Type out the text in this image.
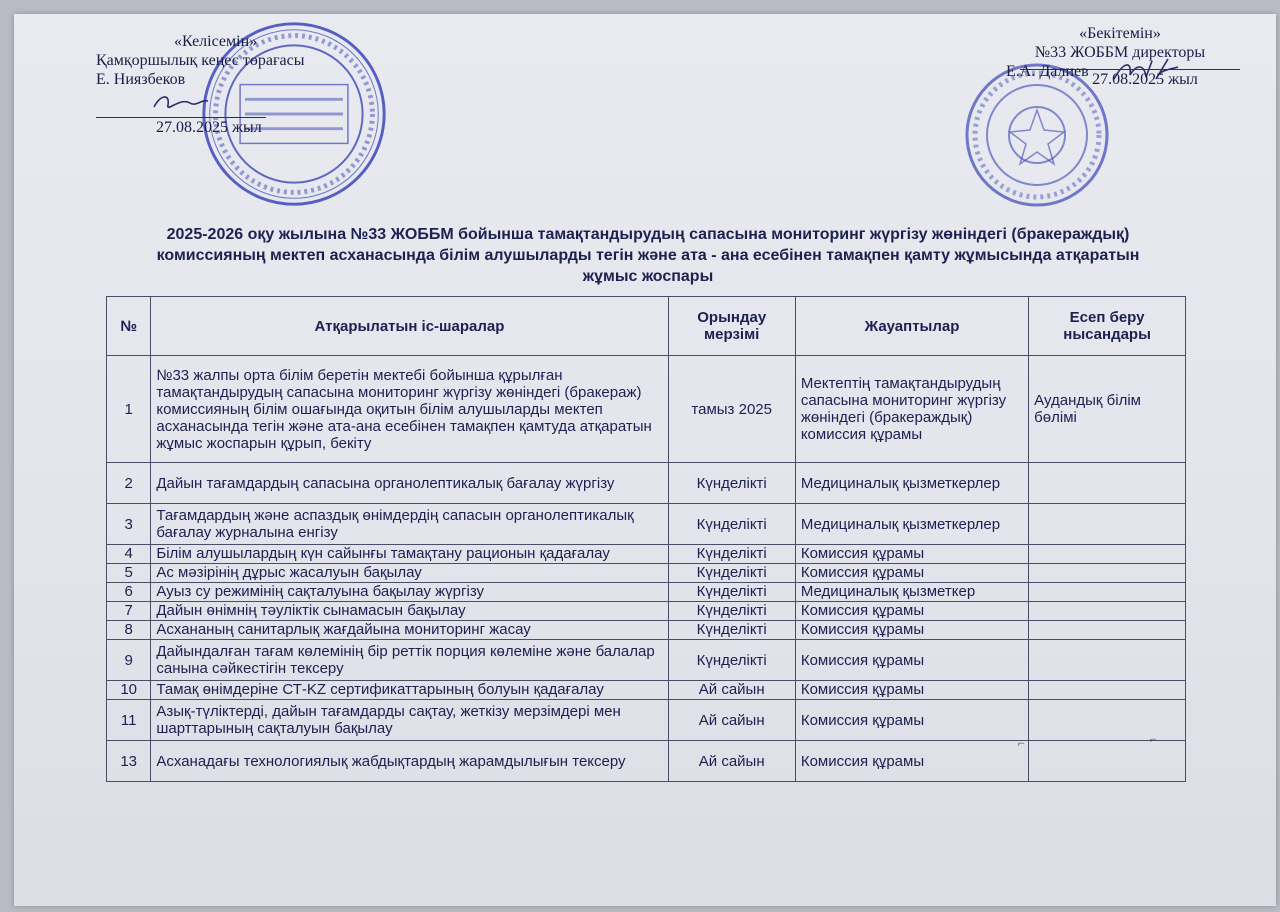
«Келісемін»
Қамқоршылық кеңес төрағасы
Е. Ниязбеков
27.08.2025 жыл
«Бекітемін»
№33 ЖОББМ директоры
Е.А. Далиев 27.08.2025 жыл
2025-2026 оқу жылына №33 ЖОББМ бойынша тамақтандырудың сапасына мониторинг жүргізу жөніндегі (бракераждық)
комиссияның мектеп асханасында білім алушыларды тегін және ата - ана есебінен тамақпен қамту жұмысында атқаратын
жұмыс жоспары
№	Атқарылатын іс-шаралар	Орындау мерзімі	Жауаптылар	Есеп беру нысандары
1	№33 жалпы орта білім беретін мектебі бойынша құрылған тамақтандырудың сапасына мониторинг жүргізу жөніндегі (бракераж) комиссияның білім ошағында оқитын білім алушыларды мектеп асханасында тегін және ата-ана есебінен тамақпен қамтуда атқаратын жұмыс жоспарын құрып, бекіту	тамыз 2025	Мектептің тамақтандырудың сапасына мониторинг жүргізу жөніндегі (бракераждық) комиссия құрамы	Аудандық білім бөлімі
2	Дайын тағамдардың сапасына органолептикалық бағалау жүргізу	Күнделікті	Медициналық қызметкерлер	
3	Тағамдардың және аспаздық өнімдердің сапасын органолептикалық бағалау журналына енгізу	Күнделікті	Медициналық қызметкерлер	
4	Білім алушылардың күн сайынғы тамақтану рационын қадағалау	Күнделікті	Комиссия құрамы	
5	Ас мәзірінің дұрыс жасалуын бақылау	Күнделікті	Комиссия құрамы	
6	Ауыз су режимінің сақталуына бақылау жүргізу	Күнделікті	Медициналық қызметкер	
7	Дайын өнімнің тәуліктік сынамасын бақылау	Күнделікті	Комиссия құрамы	
8	Асхананың санитарлық жағдайына мониторинг жасау	Күнделікті	Комиссия құрамы	
9	Дайындалған тағам көлемінің бір реттік порция көлеміне және балалар санына сәйкестігін тексеру	Күнделікті	Комиссия құрамы	
10	Тамақ өнімдеріне СТ-KZ сертификаттарының болуын қадағалау	Ай сайын	Комиссия құрамы	
11	Азық-түліктерді, дайын тағамдарды сақтау, жеткізу мерзімдері мен шарттарының сақталуын бақылау	Ай сайын	Комиссия құрамы	
13	Асханадағы технологиялық жабдықтардың жарамдылығын тексеру	Ай сайын	Комиссия құрамы	
⌐	⌐
